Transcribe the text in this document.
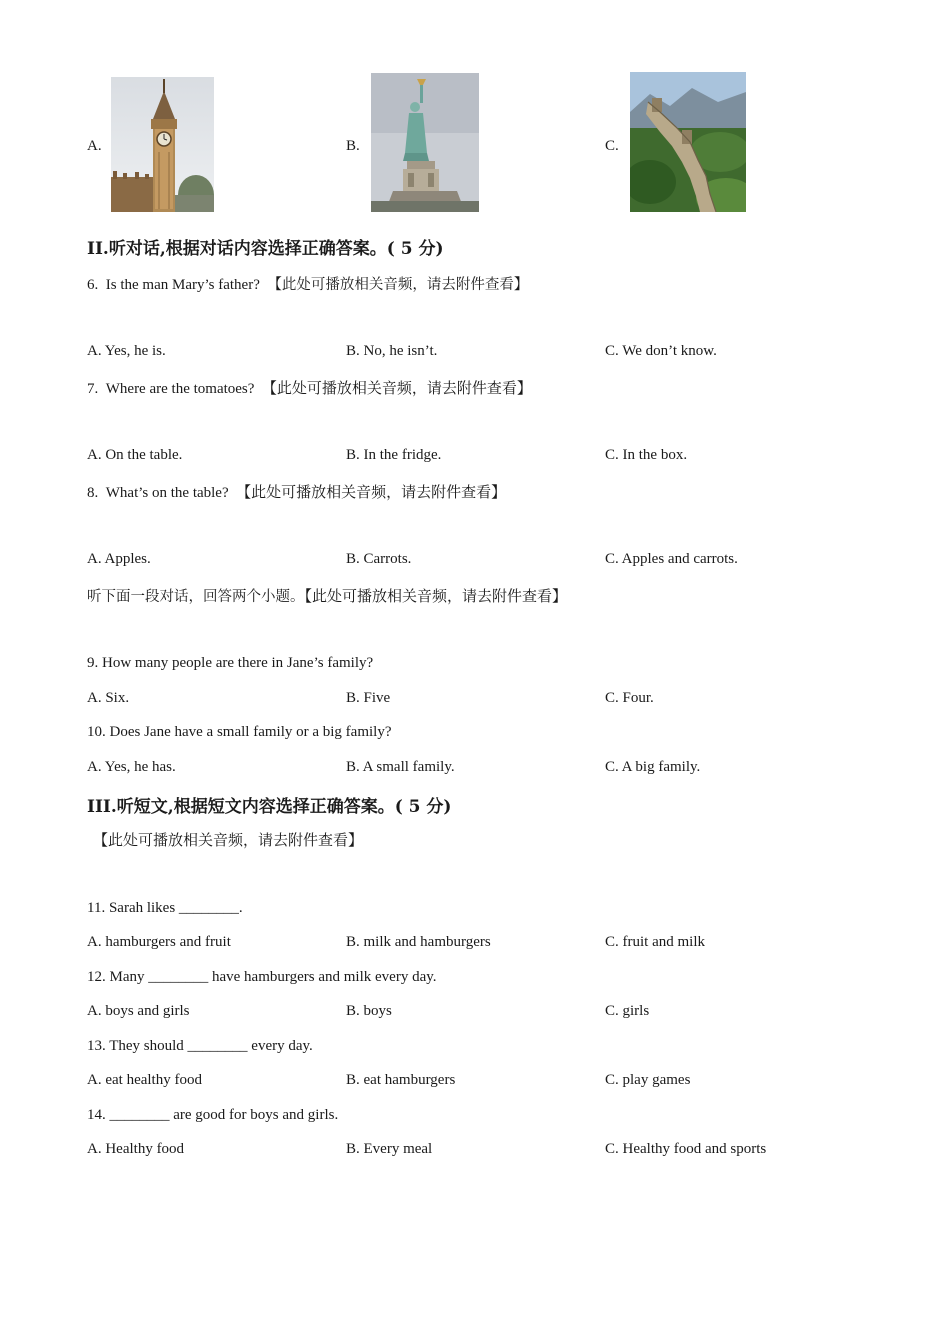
A.	B.	C.
II.听对话,根据对话内容选择正确答案。( 5 分)
6. Is the man Mary’s father? 【此处可播放相关音频，请去附件查看】
A. Yes, he is.	B. No, he isn’t.	C. We don’t know.
7. Where are the tomatoes? 【此处可播放相关音频，请去附件查看】
A. On the table.	B. In the fridge.	C. In the box.
8. What’s on the table? 【此处可播放相关音频，请去附件查看】
A. Apples.	B. Carrots.	C. Apples and carrots.
听下面一段对话，回答两个小题。【此处可播放相关音频，请去附件查看】
9. How many people are there in Jane’s family?
A. Six.	B. Five	C. Four.
10. Does Jane have a small family or a big family?
A. Yes, he has.	B. A small family.	C. A big family.
III.听短文,根据短文内容选择正确答案。( 5 分)
【此处可播放相关音频，请去附件查看】
11. Sarah likes ________.
A. hamburgers and fruit	B. milk and hamburgers	C. fruit and milk
12. Many ________ have hamburgers and milk every day.
A. boys and girls	B. boys	C. girls
13. They should ________ every day.
A. eat healthy food	B. eat hamburgers	C. play games
14. ________ are good for boys and girls.
A. Healthy food	B. Every meal	C. Healthy food and sports
